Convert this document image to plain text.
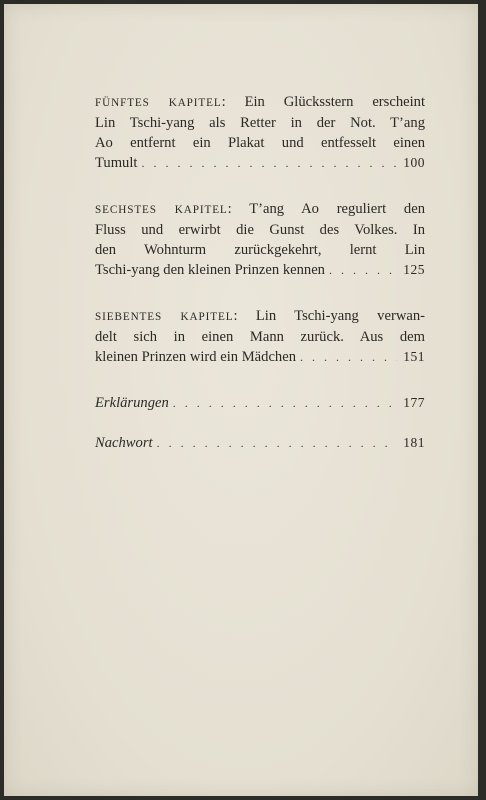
FÜNFTES KAPITEL: Ein Glücksstern erscheint

Lin Tschi-yang als Retter in der Not. T’ang

Ao entfernt ein Plakat und entfesselt einen

Tumult . . .	100

SECHSTES KAPITEL: T’ang Ao reguliert den

Fluss und erwirbt die Gunst des Volkes. In

den Wohnturm zurückgekehrt, lernt Lin

Tschi-yang den kleinen Prinzen kennen . . .	125

SIEBENTES KAPITEL: Lin Tschi-yang verwan-

delt sich in einen Mann zurück. Aus dem

kleinen Prinzen wird ein Mädchen . . .	151

Erklärungen . . .	177

Nachwort . . .	181
